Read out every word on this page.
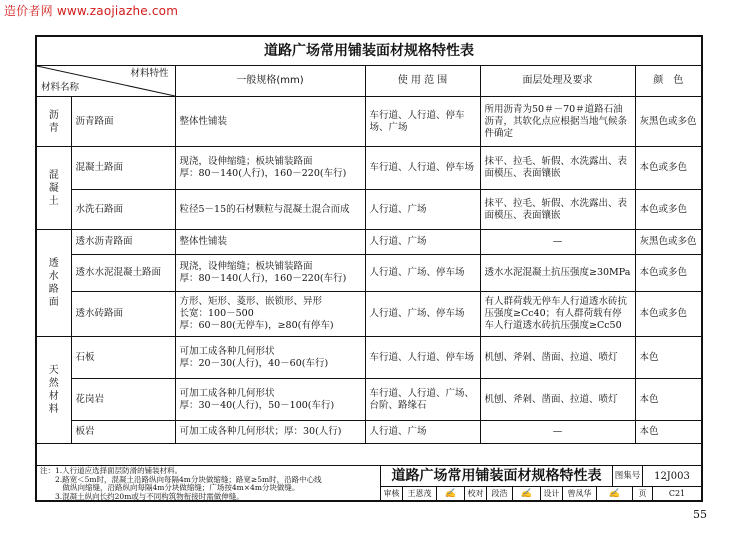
造价者网 www.zaojiazhe.com
道路广场常用铺装面材规格特性表
材料特性
材料名称		一般规格(mm)	使 用 范 围	面层处理及要求	颜　色

沥
青	沥青路面	整体性铺装	车行道、人行道、停车场、广场	所用沥青为50＃－70＃道路石油沥青，其软化点应根据当地气候条件确定	灰黑色或多色

混
凝
土	混凝土路面	现浇，设伸缩缝；板块铺装路面
厚：80－140(人行)，160－220(车行)	车行道、人行道、停车场	抹平、拉毛、斩假、水洗露出、表面模压、表面镶嵌	本色或多色
	水洗石路面	粒径5－15的石材颗粒与混凝土混合而成	人行道、广场	抹平、拉毛、斩假、水洗露出、表面模压、表面镶嵌	本色或多色

透
水
路
面	透水沥青路面	整体性铺装	人行道、广场	—	灰黑色或多色
	透水水泥混凝土路面	现浇，设伸缩缝；板块铺装路面
厚：80－140(人行)，160－220(车行)	人行道、广场、停车场	透水水泥混凝土抗压强度≥30MPa	本色或多色
	透水砖路面	方形、矩形、菱形、嵌锁形、异形
长宽：100－500
厚：60－80(无停车)，≥80(有停车)	人行道、广场、停车场	有人群荷载无停车人行道透水砖抗压强度≥Cc40；有人群荷载有停车人行道透水砖抗压强度≥Cc50	本色或多色

天
然
材
料	石板	可加工成各种几何形状
厚：20－30(人行)，40－60(车行)	车行道、人行道、停车场	机刨、斧剁、凿面、拉道、喷灯	本色
	花岗岩	可加工成各种几何形状
厚：30－40(人行)，50－100(车行)	车行道、人行道、广场、台阶、路缘石	机刨、斧剁、凿面、拉道、喷灯	本色
	板岩	可加工成各种几何形状；厚：30(人行)	人行道、广场	—	本色
注：1.人行道应选择面层防滑的铺装材料。
　　2.路宽＜5m时，混凝土沿路纵向每隔4m分块做缩缝；路宽≥5m时，沿路中心线
　　　做纵向缩缝，沿路纵向每隔4m分块做缩缝；广场按4m×4m分块做缝。
　　3.混凝土纵向长约20m或与不同构筑物衔接时需做伸缝。
道路广场常用铺装面材规格特性表	图集号	12J003
审核	王恩茂	✍	校对	段浩	✍	设计	曾凤华	✍	页	C21
55
